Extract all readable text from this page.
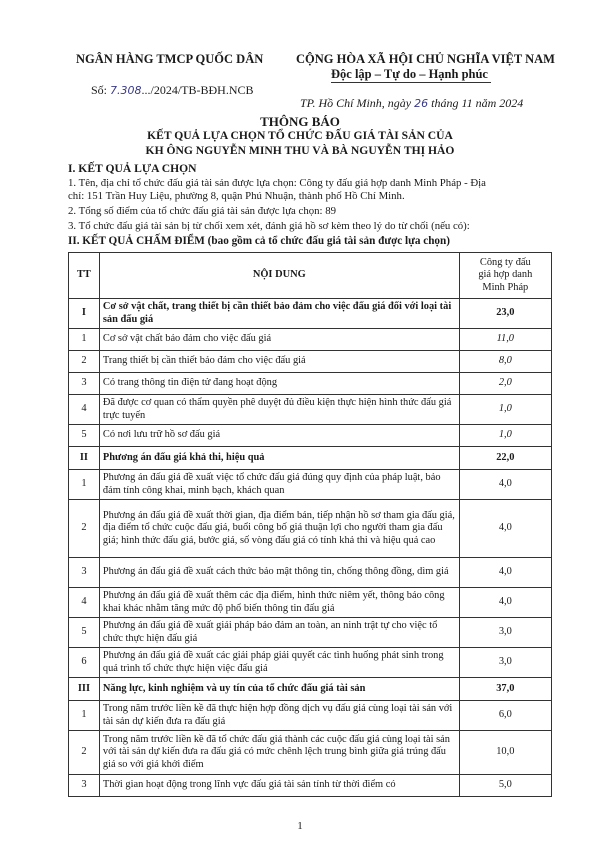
NGÂN HÀNG TMCP QUỐC DÂN
Số: 7.308.../2024/TB-BĐH.NCB
CỘNG HÒA XÃ HỘI CHỦ NGHĨA VIỆT NAM
Độc lập – Tự do – Hạnh phúc
TP. Hồ Chí Minh, ngày 26 tháng 11 năm 2024
THÔNG BÁO
KẾT QUẢ LỰA CHỌN TỔ CHỨC ĐẤU GIÁ TÀI SẢN CỦA
KH ÔNG NGUYỄN MINH THU VÀ BÀ NGUYỄN THỊ HẢO
I. KẾT QUẢ LỰA CHỌN
1. Tên, địa chỉ tổ chức đấu giá tài sản được lựa chọn: Công ty đấu giá hợp danh Minh Pháp - Địa
chỉ: 151 Trần Huy Liệu, phường 8, quận Phú Nhuận, thành phố Hồ Chí Minh.
2. Tổng số điểm của tổ chức đấu giá tài sản được lựa chọn: 89
3. Tổ chức đấu giá tài sản bị từ chối xem xét, đánh giá hồ sơ kèm theo lý do từ chối (nếu có):
II. KẾT QUẢ CHẤM ĐIỂM (bao gồm cả tổ chức đấu giá tài sản được lựa chọn)
TT	NỘI DUNG	Công ty đấu
giá hợp danh
Minh Pháp

I	Cơ sở vật chất, trang thiết bị cần thiết bảo đảm cho việc đấu giá đối với loại tài sản đấu giá	23,0
1	Cơ sở vật chất bảo đảm cho việc đấu giá	11,0
2	Trang thiết bị cần thiết bảo đảm cho việc đấu giá	8,0
3	Có trang thông tin điện tử đang hoạt động	2,0
4	Đã được cơ quan có thẩm quyền phê duyệt đủ điều kiện thực hiện hình thức đấu giá trực tuyến	1,0
5	Có nơi lưu trữ hồ sơ đấu giá	1,0
II	Phương án đấu giá khả thi, hiệu quả	22,0
1	Phương án đấu giá đề xuất việc tổ chức đấu giá đúng quy định của pháp luật, bảo đảm tính công khai, minh bạch, khách quan	4,0
2	Phương án đấu giá đề xuất thời gian, địa điểm bán, tiếp nhận hồ sơ tham gia đấu giá, địa điểm tổ chức cuộc đấu giá, buổi công bố giá thuận lợi cho người tham gia đấu giá; hình thức đấu giá, bước giá, số vòng đấu giá có tính khả thi và hiệu quả cao	4,0
3	Phương án đấu giá đề xuất cách thức bảo mật thông tin, chống thông đồng, dìm giá	4,0
4	Phương án đấu giá đề xuất thêm các địa điểm, hình thức niêm yết, thông báo công khai khác nhằm tăng mức độ phổ biến thông tin đấu giá	4,0
5	Phương án đấu giá đề xuất giải pháp bảo đảm an toàn, an ninh trật tự cho việc tổ chức thực hiện đấu giá	3,0
6	Phương án đấu giá đề xuất các giải pháp giải quyết các tình huống phát sinh trong quá trình tổ chức thực hiện việc đấu giá	3,0
III	Năng lực, kinh nghiệm và uy tín của tổ chức đấu giá tài sản	37,0
1	Trong năm trước liền kề đã thực hiện hợp đồng dịch vụ đấu giá cùng loại tài sản với tài sản dự kiến đưa ra đấu giá	6,0
2	Trong năm trước liền kề đã tổ chức đấu giá thành các cuộc đấu giá cùng loại tài sản với tài sản dự kiến đưa ra đấu giá có mức chênh lệch trung bình giữa giá trúng đấu giá so với giá khởi điểm	10,0
3	Thời gian hoạt động trong lĩnh vực đấu giá tài sản tính từ thời điểm có	5,0
1
